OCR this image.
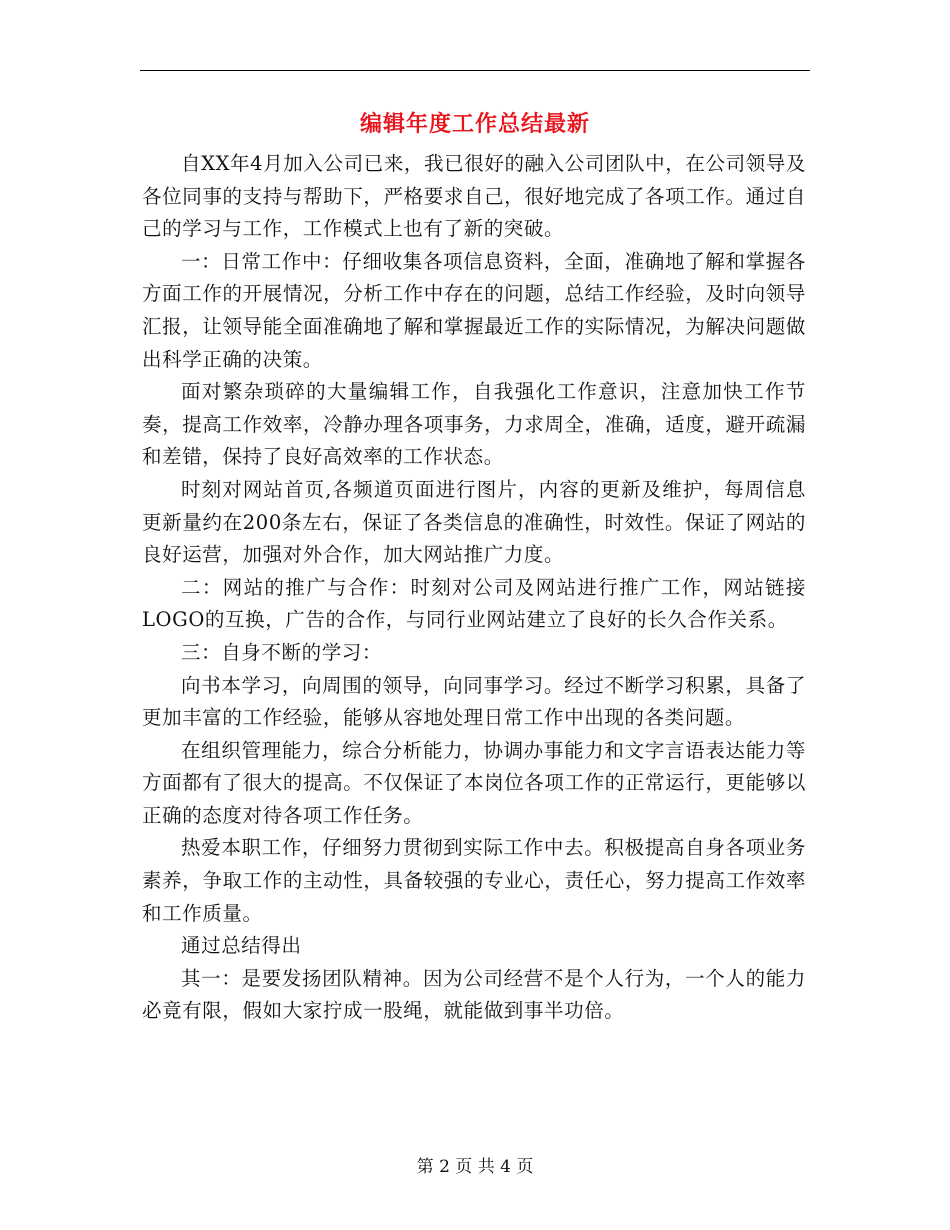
编辑年度工作总结最新

自XX年4月加入公司已来，我已很好的融入公司团队中，在公司领导及各位同事的支持与帮助下，严格要求自己，很好地完成了各项工作。通过自己的学习与工作，工作模式上也有了新的突破。

一：日常工作中：仔细收集各项信息资料，全面，准确地了解和掌握各方面工作的开展情况，分析工作中存在的问题，总结工作经验，及时向领导汇报，让领导能全面准确地了解和掌握最近工作的实际情况，为解决问题做出科学正确的决策。

面对繁杂琐碎的大量编辑工作，自我强化工作意识，注意加快工作节奏，提高工作效率，冷静办理各项事务，力求周全，准确，适度，避开疏漏和差错，保持了良好高效率的工作状态。

时刻对网站首页,各频道页面进行图片，内容的更新及维护，每周信息更新量约在200条左右，保证了各类信息的准确性，时效性。保证了网站的良好运营，加强对外合作，加大网站推广力度。

二：网站的推广与合作：时刻对公司及网站进行推广工作，网站链接LOGO的互换，广告的合作，与同行业网站建立了良好的长久合作关系。

三：自身不断的学习：

向书本学习，向周围的领导，向同事学习。经过不断学习积累，具备了更加丰富的工作经验，能够从容地处理日常工作中出现的各类问题。

在组织管理能力，综合分析能力，协调办事能力和文字言语表达能力等方面都有了很大的提高。不仅保证了本岗位各项工作的正常运行，更能够以正确的态度对待各项工作任务。

热爱本职工作，仔细努力贯彻到实际工作中去。积极提高自身各项业务素养，争取工作的主动性，具备较强的专业心，责任心，努力提高工作效率和工作质量。

通过总结得出

其一：是要发扬团队精神。因为公司经营不是个人行为，一个人的能力必竟有限，假如大家拧成一股绳，就能做到事半功倍。

第 2 页 共 4 页
